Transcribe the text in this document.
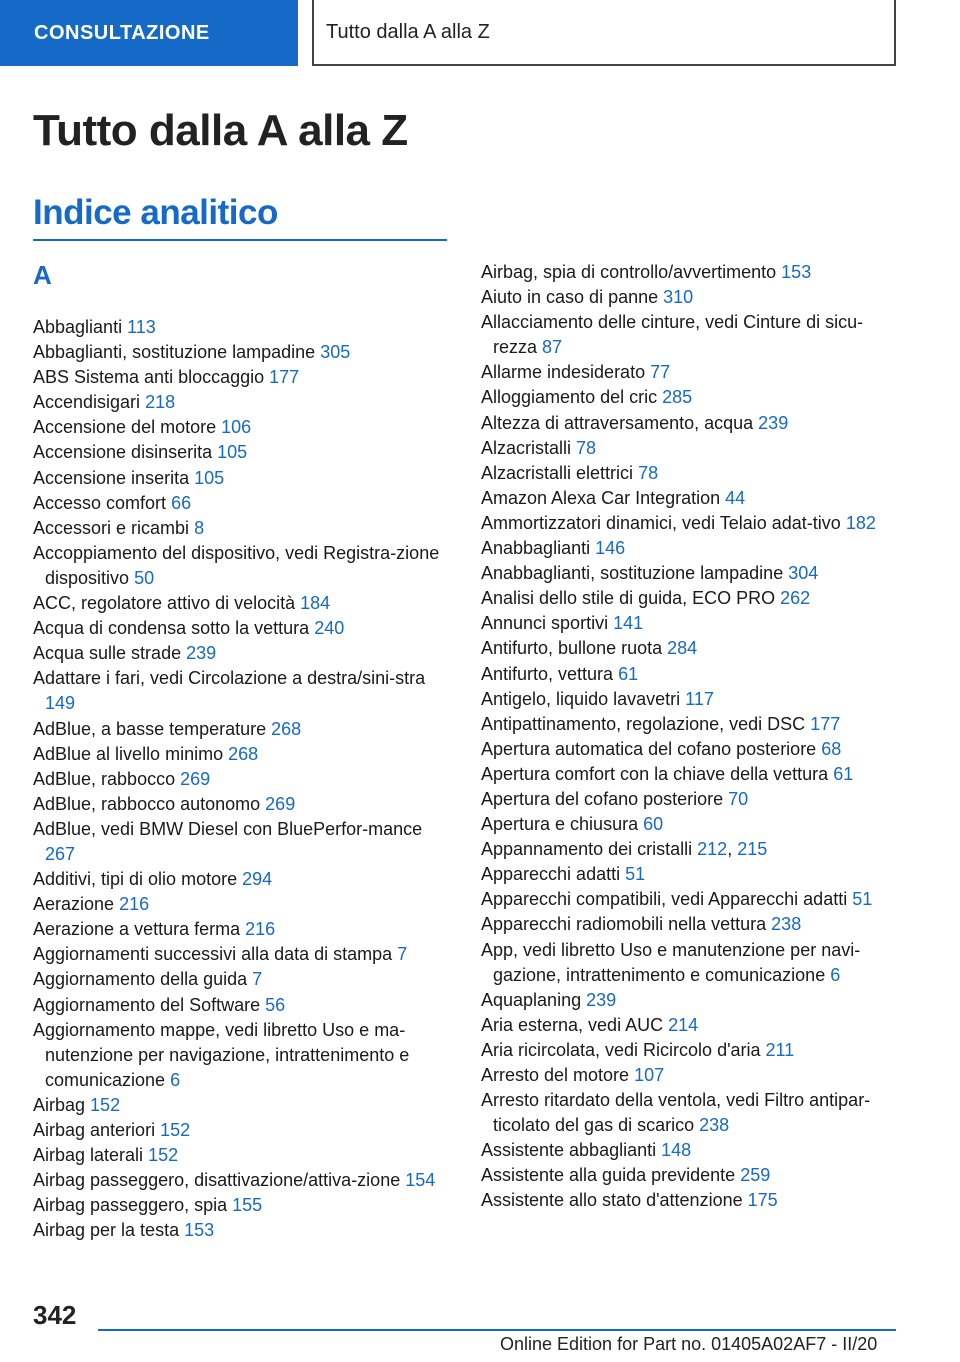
CONSULTAZIONE	Tutto dalla A alla Z
Tutto dalla A alla Z
Indice analitico
A
Abbaglianti 113
Abbaglianti, sostituzione lampadine 305
ABS Sistema anti bloccaggio 177
Accendisigari 218
Accensione del motore 106
Accensione disinserita 105
Accensione inserita 105
Accesso comfort 66
Accessori e ricambi 8
Accoppiamento del dispositivo, vedi Registra-zione dispositivo 50
ACC, regolatore attivo di velocità 184
Acqua di condensa sotto la vettura 240
Acqua sulle strade 239
Adattare i fari, vedi Circolazione a destra/sini-stra 149
AdBlue, a basse temperature 268
AdBlue al livello minimo 268
AdBlue, rabbocco 269
AdBlue, rabbocco autonomo 269
AdBlue, vedi BMW Diesel con BluePerfor-mance 267
Additivi, tipi di olio motore 294
Aerazione 216
Aerazione a vettura ferma 216
Aggiornamenti successivi alla data di stampa 7
Aggiornamento della guida 7
Aggiornamento del Software 56
Aggiornamento mappe, vedi libretto Uso e ma-nutenzione per navigazione, intrattenimento e comunicazione 6
Airbag 152
Airbag anteriori 152
Airbag laterali 152
Airbag passeggero, disattivazione/attiva-zione 154
Airbag passeggero, spia 155
Airbag per la testa 153
Airbag, spia di controllo/avvertimento 153
Aiuto in caso di panne 310
Allacciamento delle cinture, vedi Cinture di sicu-rezza 87
Allarme indesiderato 77
Alloggiamento del cric 285
Altezza di attraversamento, acqua 239
Alzacristalli 78
Alzacristalli elettrici 78
Amazon Alexa Car Integration 44
Ammortizzatori dinamici, vedi Telaio adat-tivo 182
Anabbaglianti 146
Anabbaglianti, sostituzione lampadine 304
Analisi dello stile di guida, ECO PRO 262
Annunci sportivi 141
Antifurto, bullone ruota 284
Antifurto, vettura 61
Antigelo, liquido lavavetri 117
Antipattinamento, regolazione, vedi DSC 177
Apertura automatica del cofano posteriore 68
Apertura comfort con la chiave della vettura 61
Apertura del cofano posteriore 70
Apertura e chiusura 60
Appannamento dei cristalli 212, 215
Apparecchi adatti 51
Apparecchi compatibili, vedi Apparecchi adatti 51
Apparecchi radiomobili nella vettura 238
App, vedi libretto Uso e manutenzione per navi-gazione, intrattenimento e comunicazione 6
Aquaplaning 239
Aria esterna, vedi AUC 214
Aria ricircolata, vedi Ricircolo d'aria 211
Arresto del motore 107
Arresto ritardato della ventola, vedi Filtro antipar-ticolato del gas di scarico 238
Assistente abbaglianti 148
Assistente alla guida previdente 259
Assistente allo stato d'attenzione 175
342
Online Edition for Part no. 01405A02AF7 - II/20
